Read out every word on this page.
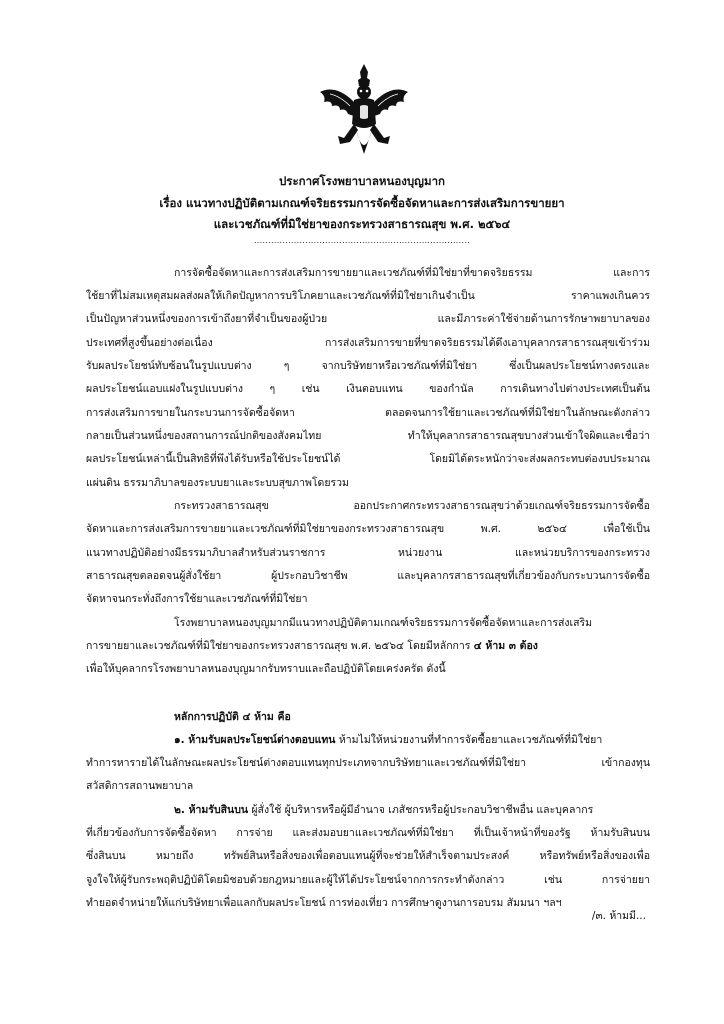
ประกาศโรงพยาบาลหนองบุญมาก
เรื่อง แนวทางปฏิบัติตามเกณฑ์จริยธรรมการจัดซื้อจัดหาและการส่งเสริมการขายยา
และเวชภัณฑ์ที่มิใช่ยาของกระทรวงสาธารณสุข พ.ศ. ๒๕๖๔
............................................................................
การจัดซื้อจัดหาและการส่งเสริมการขายยาและเวชภัณฑ์ที่มิใช่ยาที่ขาดจริยธรรม และการ
ใช้ยาที่ไม่สมเหตุสมผลส่งผลให้เกิดปัญหาการบริโภคยาและเวชภัณฑ์ที่มิใช่ยาเกินจำเป็น ราคาแพงเกินควร
เป็นปัญหาส่วนหนึ่งของการเข้าถึงยาที่จำเป็นของผู้ป่วย และมีภาระค่าใช้จ่ายด้านการรักษาพยาบาลของ
ประเทศที่สูงขึ้นอย่างต่อเนื่อง การส่งเสริมการขายที่ขาดจริยธรรมได้ดึงเอาบุคลากรสาธารณสุขเข้าร่วม
รับผลประโยชน์ทับซ้อนในรูปแบบต่าง ๆ จากบริษัทยาหรือเวชภัณฑ์ที่มิใช่ยา ซึ่งเป็นผลประโยชน์ทางตรงและ
ผลประโยชน์แอบแฝงในรูปแบบต่าง ๆ เช่น เงินตอบแทน ของกำนัล การเดินทางไปต่างประเทศเป็นต้น
การส่งเสริมการขายในกระบวนการจัดซื้อจัดหา ตลอดจนการใช้ยาและเวชภัณฑ์ที่มิใช่ยาในลักษณะดังกล่าว
กลายเป็นส่วนหนึ่งของสถานการณ์ปกติของสังคมไทย ทำให้บุคลากรสาธารณสุขบางส่วนเข้าใจผิดและเชื่อว่า
ผลประโยชน์เหล่านี้เป็นสิทธิที่พึงได้รับหรือใช้ประโยชน์ได้ โดยมิได้ตระหนักว่าจะส่งผลกระทบต่องบประมาณ
แผ่นดิน ธรรมาภิบาลของระบบยาและระบบสุขภาพโดยรวม
กระทรวงสาธารณสุข ออกประกาศกระทรวงสาธารณสุขว่าด้วยเกณฑ์จริยธรรมการจัดซื้อ
จัดหาและการส่งเสริมการขายยาและเวชภัณฑ์ที่มิใช่ยาของกระทรวงสาธารณสุข พ.ศ. ๒๕๖๔ เพื่อใช้เป็น
แนวทางปฏิบัติอย่างมีธรรมาภิบาลสำหรับส่วนราชการ หน่วยงาน และหน่วยบริการของกระทรวง
สาธารณสุขตลอดจนผู้สั่งใช้ยา ผู้ประกอบวิชาชีพ และบุคลากรสาธารณสุขที่เกี่ยวข้องกับกระบวนการจัดซื้อ
จัดหาจนกระทั่งถึงการใช้ยาและเวชภัณฑ์ที่มิใช่ยา
โรงพยาบาลหนองบุญมากมีแนวทางปฏิบัติตามเกณฑ์จริยธรรมการจัดซื้อจัดหาและการส่งเสริม
การขายยาและเวชภัณฑ์ที่มิใช่ยาของกระทรวงสาธารณสุข พ.ศ. ๒๕๖๔ โดยมีหลักการ ๔ ห้าม ๓ ต้อง
เพื่อให้บุคลากรโรงพยาบาลหนองบุญมากรับทราบและถือปฏิบัติโดยเคร่งครัด ดังนี้
หลักการปฏิบัติ ๔ ห้าม คือ
๑. ห้ามรับผลประโยชน์ต่างตอบแทน ห้ามไม่ให้หน่วยงานที่ทำการจัดซื้อยาและเวชภัณฑ์ที่มิใช่ยา
ทำการหารายได้ในลักษณะผลประโยชน์ต่างตอบแทนทุกประเภทจากบริษัทยาและเวชภัณฑ์ที่มิใช่ยา เข้ากองทุน
สวัสดิการสถานพยาบาล
๒. ห้ามรับสินบน ผู้สั่งใช้ ผู้บริหารหรือผู้มีอำนาจ เภสัชกรหรือผู้ประกอบวิชาชีพอื่น และบุคลากร
ที่เกี่ยวข้องกับการจัดซื้อจัดหา การจ่าย และส่งมอบยาและเวชภัณฑ์ที่มิใช่ยา ที่เป็นเจ้าหน้าที่ของรัฐ ห้ามรับสินบน
ซึ่งสินบน หมายถึง ทรัพย์สินหรือสิ่งของเพื่อตอบแทนผู้ที่จะช่วยให้สำเร็จตามประสงค์ หรือทรัพย์หรือสิ่งของเพื่อ
จูงใจให้ผู้รับกระพฤติปฏิบัติโดยมิชอบด้วยกฎหมายและผู้ให้ได้ประโยชน์จากการกระทำดังกล่าว เช่น การจ่ายยา
ทำยอดจำหน่ายให้แก่บริษัทยาเพื่อแลกกับผลประโยชน์ การท่องเที่ยว การศึกษาดูงานการอบรม สัมมนา ฯลฯ
/๓. ห้ามมี...
